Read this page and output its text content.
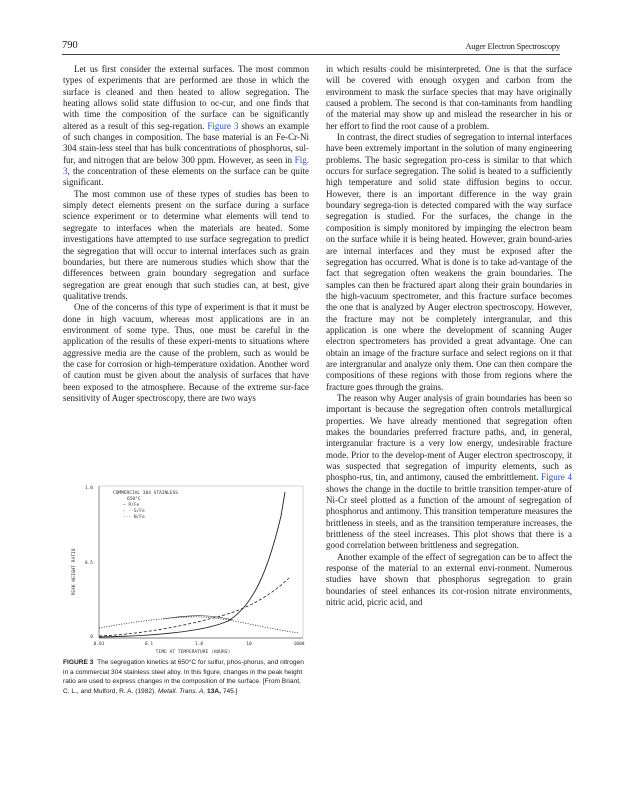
790	Auger Electron Spectroscopy

Let us first consider the external surfaces. The most common types of experiments that are performed are those in which the surface is cleaned and then heated to allow segregation. The heating allows solid state diffusion to oc-cur, and one finds that with time the composition of the surface can be significantly altered as a result of this seg-regation. Figure 3 shows an example of such changes in composition. The base material is an Fe-Cr-Ni 304 stain-less steel that has bulk concentrations of phosphorus, sul-fur, and nitrogen that are below 300 ppm. However, as seen in Fig. 3, the concentration of these elements on the surface can be quite significant.

The most common use of these types of studies has been to simply detect elements present on the surface during a surface science experiment or to determine what elements will tend to segregate to interfaces when the materials are heated. Some investigations have attempted to use surface segregation to predict the segregation that will occur to internal interfaces such as grain boundaries, but there are numerous studies which show that the differences between grain boundary segregation and surface segregation are great enough that such studies can, at best, give qualitative trends.

One of the concerns of this type of experiment is that it must be done in high vacuum, whereas most applications are in an environment of some type. Thus, one must be careful in the application of the results of these experi-ments to situations where aggressive media are the cause of the problem, such as would be the case for corrosion or high-temperature oxidation. Another word of caution must be given about the analysis of surfaces that have been exposed to the atmosphere. Because of the extreme sur-face sensitivity of Auger spectroscopy, there are two ways

1.0
0.5
0
0.01	0.1	1.0	10	1000
TIME AT TEMPERATURE (HOURS)
PEAK HEIGHT RATIO
COMMERCIAL 304 STAINLESS
650°C
— P/Fe
- - S/Fe
··· N/Fe
FIGURE 3 The segregation kinetics at 650°C for sulfur, phos-phorus, and nitrogen in a commercial 304 stainless steel alloy. In this figure, changes in the peak height ratio are used to express changes in the composition of the surface. [From Briant, C. L., and Mulford, R. A. (1982). Metall. Trans. A, 13A, 745.]

in which results could be misinterpreted. One is that the surface will be covered with enough oxygen and carbon from the environment to mask the surface species that may have originally caused a problem. The second is that con-taminants from handling of the material may show up and mislead the researcher in his or her effort to find the root cause of a problem.

In contrast, the direct studies of segregation to internal interfaces have been extremely important in the solution of many engineering problems. The basic segregation pro-cess is similar to that which occurs for surface segregation. The solid is heated to a sufficiently high temperature and solid state diffusion begins to occur. However, there is an important difference in the way grain boundary segrega-tion is detected compared with the way surface segregation is studied. For the surfaces, the change in the composition is simply monitored by impinging the electron beam on the surface while it is being heated. However, grain bound-aries are internal interfaces and they must be exposed after the segregation has occurred. What is done is to take ad-vantage of the fact that segregation often weakens the grain boundaries. The samples can then be fractured apart along their grain boundaries in the high-vacuum spectrometer, and this fracture surface becomes the one that is analyzed by Auger electron spectroscopy. However, the fracture may not be completely intergranular, and this application is one where the development of scanning Auger electron spectrometers has provided a great advantage. One can obtain an image of the fracture surface and select regions on it that are intergranular and analyze only them. One can then compare the compositions of these regions with those from regions where the fracture goes through the grains.

The reason why Auger analysis of grain boundaries has been so important is because the segregation often controls metallurgical properties. We have already mentioned that segregation often makes the boundaries preferred fracture paths, and, in general, intergranular fracture is a very low energy, undesirable fracture mode. Prior to the develop-ment of Auger electron spectroscopy, it was suspected that segregation of impurity elements, such as phospho-rus, tin, and antimony, caused the embrittlement. Figure 4 shows the change in the ductile to brittle transition temper-ature of Ni-Cr steel plotted as a function of the amount of segregation of phosphorus and antimony. This transition temperature measures the brittleness in steels, and as the transition temperature increases, the brittleness of the steel increases. This plot shows that there is a good correlation between brittleness and segregation.

Another example of the effect of segregation can be to affect the response of the material to an external envi-ronment. Numerous studies have shown that phosphorus segregation to grain boundaries of steel enhances its cor-rosion nitrate environments, nitric acid, picric acid, and
